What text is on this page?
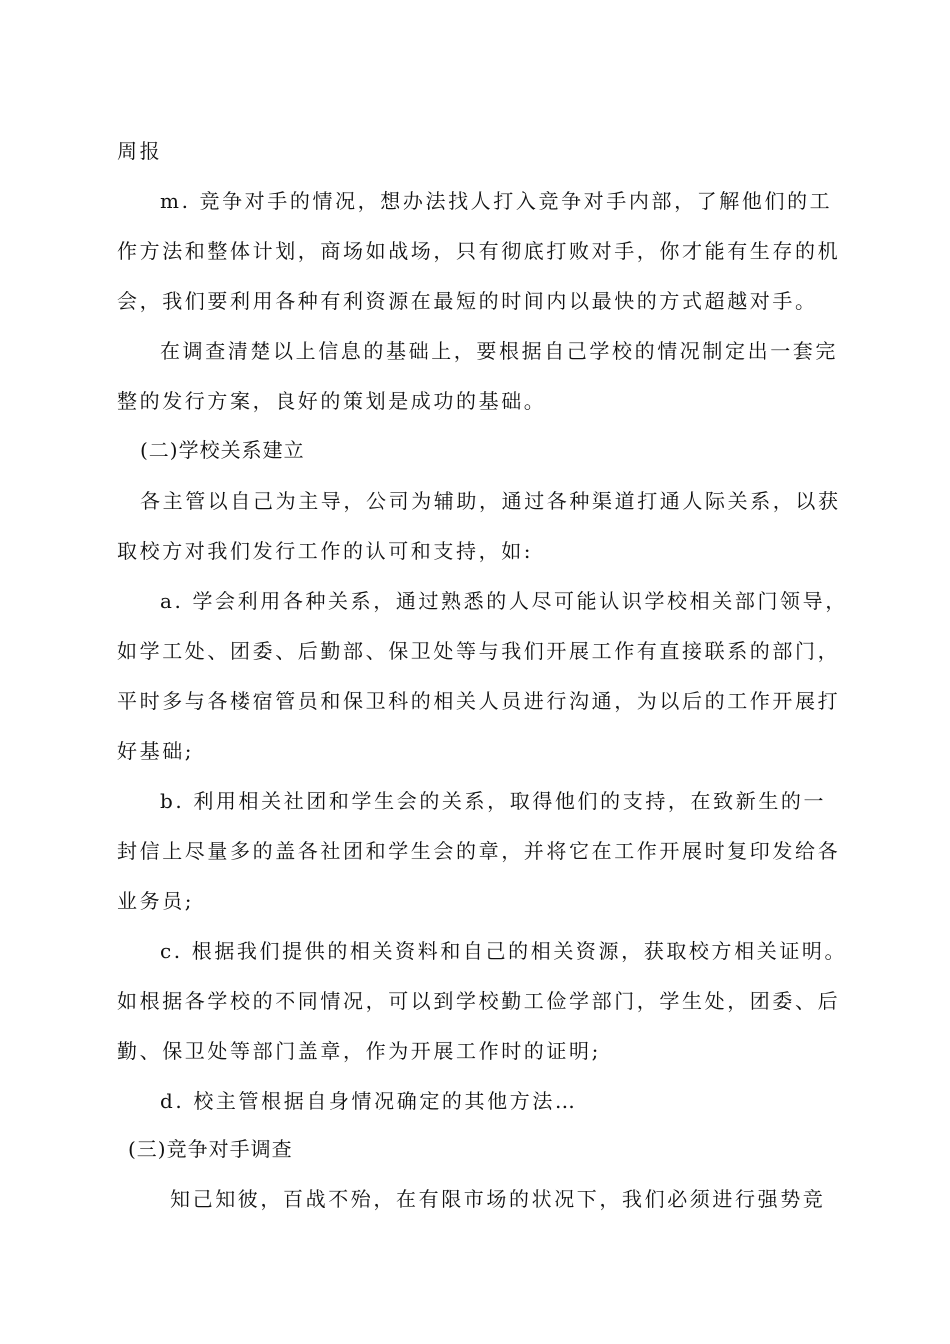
周报

m. 竞争对手的情况，想办法找人打入竞争对手内部，了解他们的工

作方法和整体计划，商场如战场，只有彻底打败对手，你才能有生存的机

会，我们要利用各种有利资源在最短的时间内以最快的方式超越对手。

在调查清楚以上信息的基础上，要根据自己学校的情况制定出一套完

整的发行方案，良好的策划是成功的基础。

(二)学校关系建立

各主管以自己为主导，公司为辅助，通过各种渠道打通人际关系，以获

取校方对我们发行工作的认可和支持，如:

a. 学会利用各种关系，通过熟悉的人尽可能认识学校相关部门领导，

如学工处、团委、后勤部、保卫处等与我们开展工作有直接联系的部门，

平时多与各楼宿管员和保卫科的相关人员进行沟通，为以后的工作开展打

好基础;

b. 利用相关社团和学生会的关系，取得他们的支持，在致新生的一

封信上尽量多的盖各社团和学生会的章，并将它在工作开展时复印发给各

业务员;

c. 根据我们提供的相关资料和自己的相关资源，获取校方相关证明。

如根据各学校的不同情况，可以到学校勤工俭学部门，学生处，团委、后

勤、保卫处等部门盖章，作为开展工作时的证明;

d. 校主管根据自身情况确定的其他方法…

(三)竞争对手调查

知己知彼，百战不殆，在有限市场的状况下，我们必须进行强势竞
